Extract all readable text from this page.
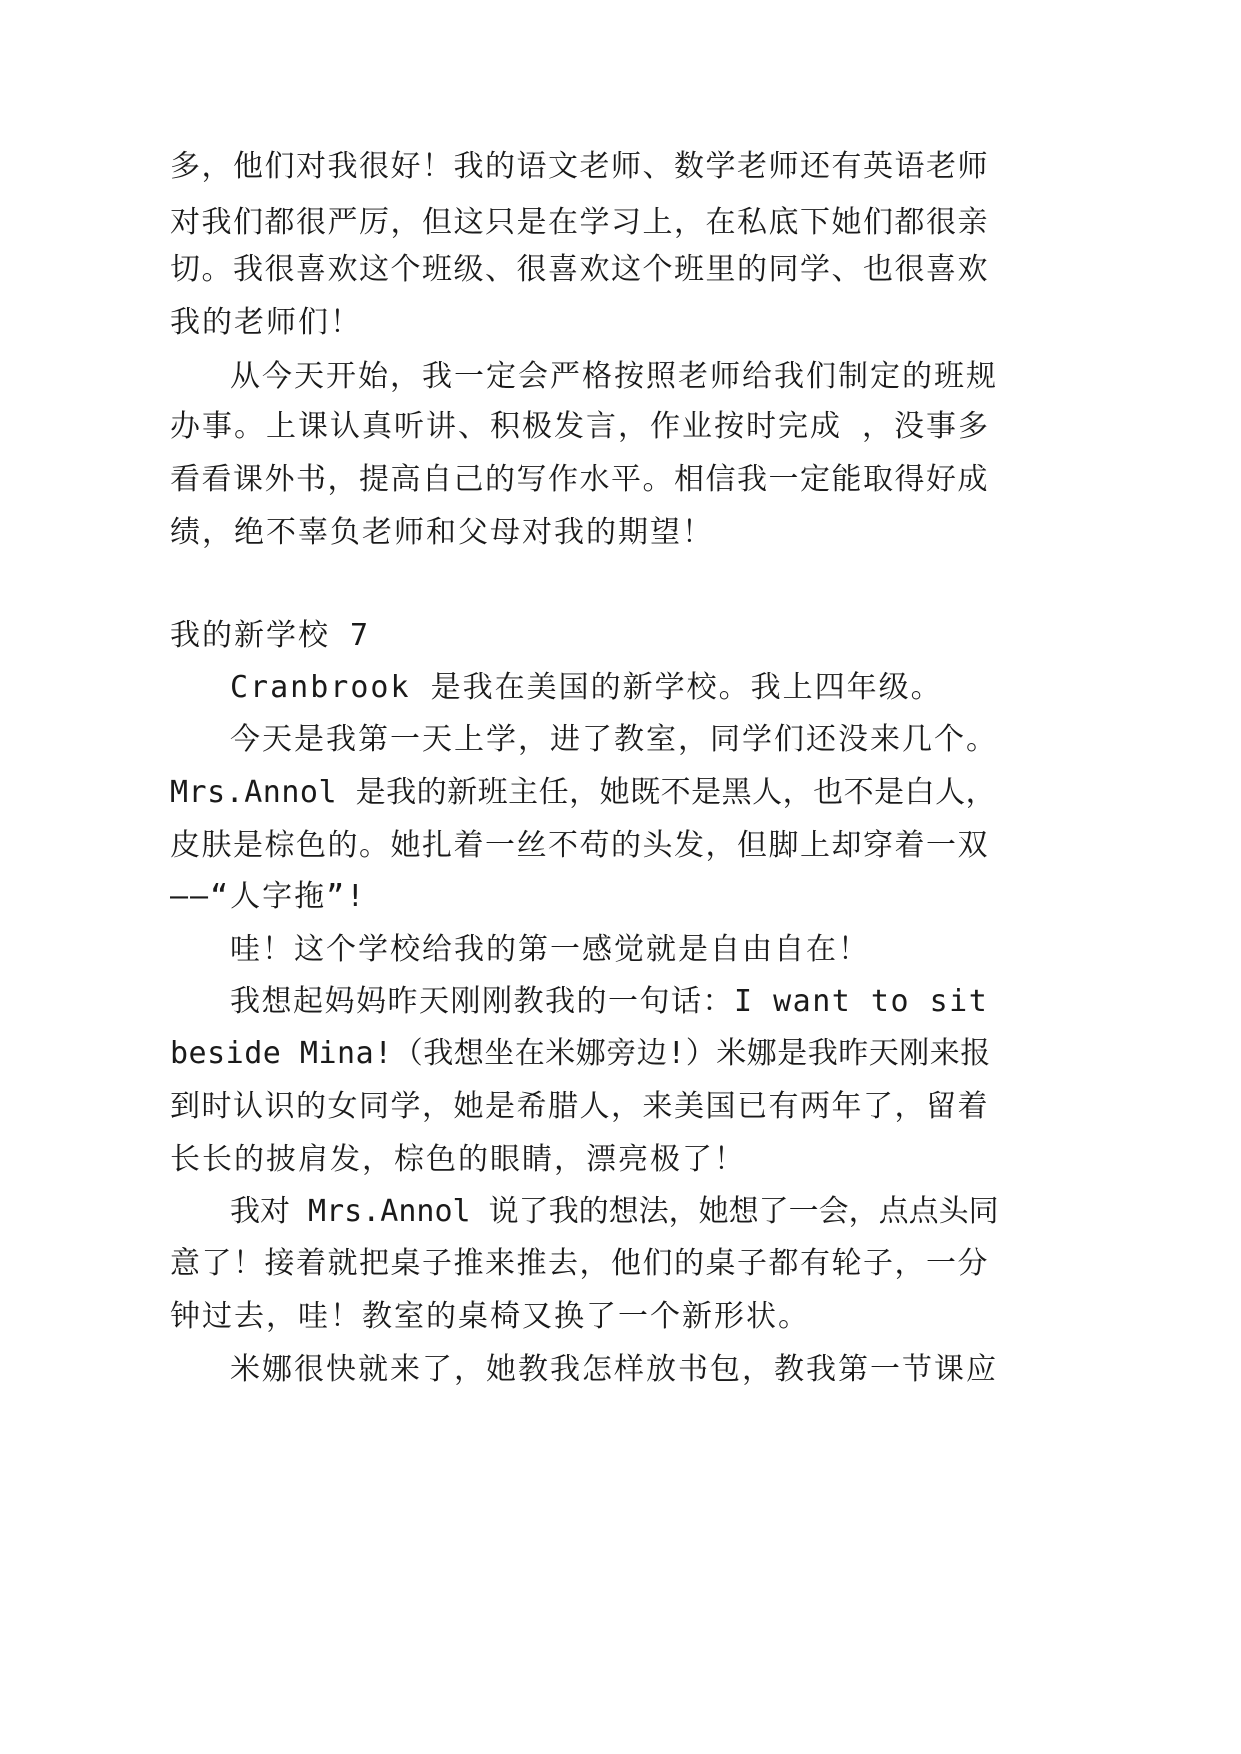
多，他们对我很好！我的语文老师、数学老师还有英语老师
对我们都很严厉，但这只是在学习上，在私底下她们都很亲
切。我很喜欢这个班级、很喜欢这个班里的同学、也很喜欢
我的老师们！
从今天开始，我一定会严格按照老师给我们制定的班规
办事。上课认真听讲、积极发言，作业按时完成 ，没事多
看看课外书，提高自己的写作水平。相信我一定能取得好成
绩，绝不辜负老师和父母对我的期望！
我的新学校 7
Cranbrook 是我在美国的新学校。我上四年级。
今天是我第一天上学，进了教室，同学们还没来几个。
Mrs.Annol 是我的新班主任，她既不是黑人，也不是白人，
皮肤是棕色的。她扎着一丝不苟的头发，但脚上却穿着一双
——“人字拖”!
哇！这个学校给我的第一感觉就是自由自在！
我想起妈妈昨天刚刚教我的一句话：I want to sit
beside Mina!（我想坐在米娜旁边!）米娜是我昨天刚来报
到时认识的女同学，她是希腊人，来美国已有两年了，留着
长长的披肩发，棕色的眼睛，漂亮极了！
我对 Mrs.Annol 说了我的想法，她想了一会，点点头同
意了！接着就把桌子推来推去，他们的桌子都有轮子，一分
钟过去，哇！教室的桌椅又换了一个新形状。
米娜很快就来了，她教我怎样放书包，教我第一节课应
